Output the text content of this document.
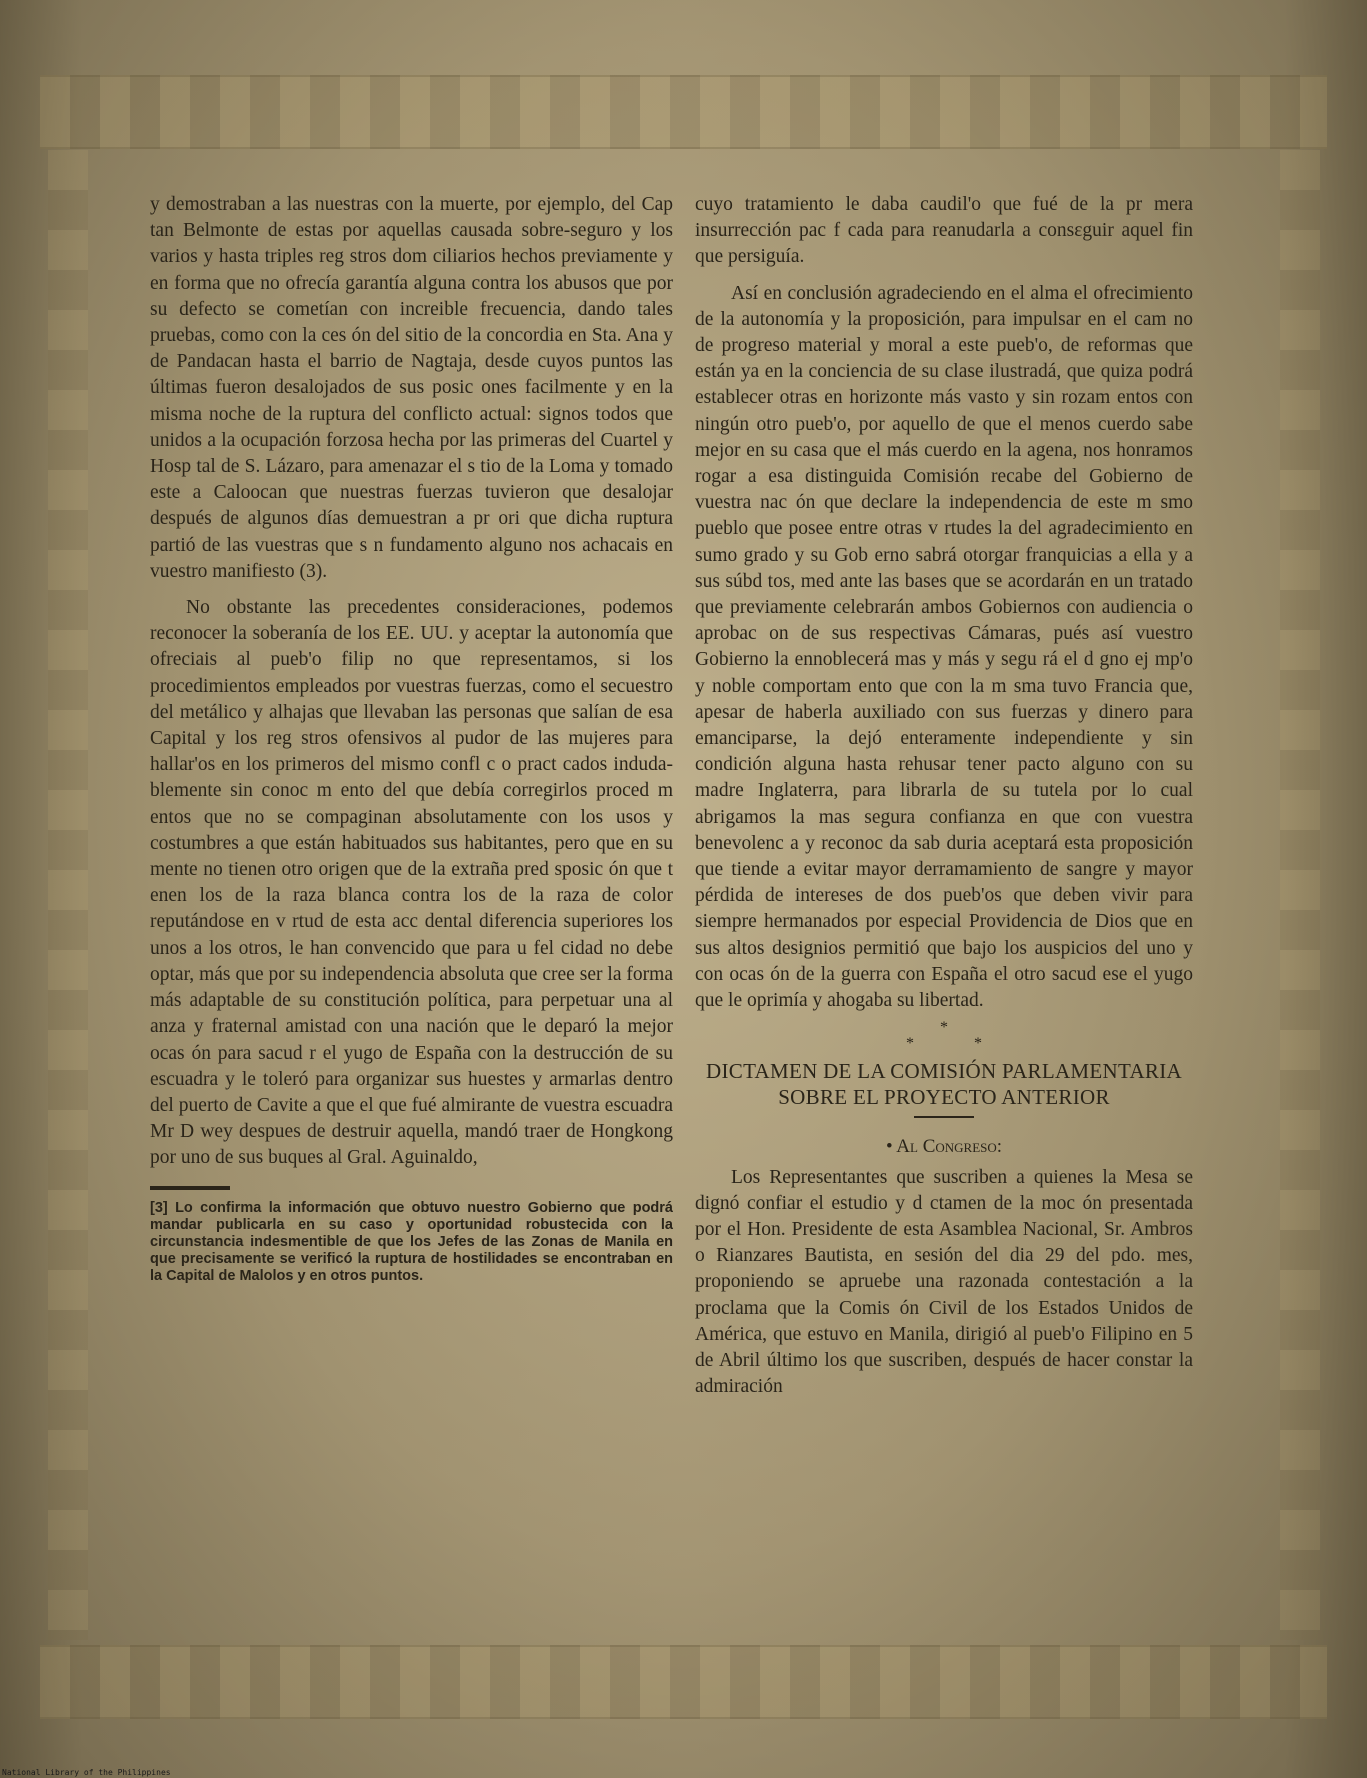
y demostraban a las nuestras con la muerte, por ejemplo, del Cap tan Belmonte de estas por aquellas causada sobre-seguro y los varios y hasta triples reg stros dom ciliarios hechos previamente y en forma que no ofrecía garantía alguna contra los abusos que por su defecto se cometían con increible frecuencia, dando tales pruebas, como con la ces ón del sitio de la concordia en Sta. Ana y de Pandacan hasta el barrio de Nagtaja, desde cuyos puntos las últimas fueron desalojados de sus posic ones facilmente y en la misma noche de la ruptura del conflicto actual: signos todos que unidos a la ocupación forzosa hecha por las primeras del Cuartel y Hosp tal de S. Lázaro, para amenazar el s tio de la Loma y tomado este a Caloocan que nuestras fuerzas tuvieron que desalojar después de algunos días demuestran a pr ori que dicha ruptura partió de las vuestras que s n fundamento alguno nos achacais en vuestro manifiesto (3).

No obstante las precedentes consideraciones, podemos reconocer la soberanía de los EE. UU. y aceptar la autonomía que ofreciais al pueb'o filip no que representamos, si los procedimientos empleados por vuestras fuerzas, como el secuestro del metálico y alhajas que llevaban las personas que salían de esa Capital y los reg stros ofensivos al pudor de las mujeres para hallar'os en los primeros del mismo confl c o pract cados induda-blemente sin conoc m ento del que debía corregirlos proced m entos que no se compaginan absolutamente con los usos y costumbres a que están habituados sus habitantes, pero que en su mente no tienen otro origen que de la extraña pred sposic ón que t enen los de la raza blanca contra los de la raza de color reputándose en v rtud de esta acc dental diferencia superiores los unos a los otros, le han convencido que para u fel cidad no debe optar, más que por su independencia absoluta que cree ser la forma más adaptable de su constitución política, para perpetuar una al anza y fraternal amistad con una nación que le deparó la mejor ocas ón para sacud r el yugo de España con la destrucción de su escuadra y le toleró para organizar sus huestes y armarlas dentro del puerto de Cavite a que el que fué almirante de vuestra escuadra Mr D wey despues de destruir aquella, mandó traer de Hongkong por uno de sus buques al Gral. Aguinaldo,

[3] Lo confirma la información que obtuvo nuestro Gobierno que podrá mandar publicarla en su caso y oportunidad robustecida con la circunstancia indesmentible de que los Jefes de las Zonas de Manila en que precisamente se verificó la ruptura de hostilidades se encontraban en la Capital de Malolos y en otros puntos.

cuyo tratamiento le daba caudil'o que fué de la pr mera insurrección pac f cada para reanudarla a consεguir aquel fin que persiguía.

Así en conclusión agradeciendo en el alma el ofrecimiento de la autonomía y la proposición, para impulsar en el cam no de progreso material y moral a este pueb'o, de reformas que están ya en la conciencia de su clase ilustradá, que quiza podrá establecer otras en horizonte más vasto y sin rozam entos con ningún otro pueb'o, por aquello de que el menos cuerdo sabe mejor en su casa que el más cuerdo en la agena, nos honramos rogar a esa distinguida Comisión recabe del Gobierno de vuestra nac ón que declare la independencia de este m smo pueblo que posee entre otras v rtudes la del agradecimiento en sumo grado y su Gob erno sabrá otorgar franquicias a ella y a sus súbd tos, med ante las bases que se acordarán en un tratado que previamente celebrarán ambos Gobiernos con audiencia o aprobac on de sus respectivas Cámaras, pués así vuestro Gobierno la ennoblecerá mas y más y segu rá el d gno ej mp'o y noble comportam ento que con la m sma tuvo Francia que, apesar de haberla auxiliado con sus fuerzas y dinero para emanciparse, la dejó enteramente independiente y sin condición alguna hasta rehusar tener pacto alguno con su madre Inglaterra, para librarla de su tutela por lo cual abrigamos la mas segura confianza en que con vuestra benevolenc a y reconoc da sab duria aceptará esta proposición que tiende a evitar mayor derramamiento de sangre y mayor pérdida de intereses de dos pueb'os que deben vivir para siempre hermanados por especial Providencia de Dios que en sus altos designios permitió que bajo los auspicios del uno y con ocas ón de la guerra con España el otro sacud ese el yugo que le oprimía y ahogaba su libertad.

*
* *
DICTAMEN DE LA COMISIÓN PARLAMENTARIA
SOBRE EL PROYECTO ANTERIOR
• Al Congreso:

Los Representantes que suscriben a quienes la Mesa se dignó confiar el estudio y d ctamen de la moc ón presentada por el Hon. Presidente de esta Asamblea Nacional, Sr. Ambros o Rianzares Bautista, en sesión del dia 29 del pdo. mes, proponiendo se apruebe una razonada contestación a la proclama que la Comis ón Civil de los Estados Unidos de América, que estuvo en Manila, dirigió al pueb'o Filipino en 5 de Abril último los que suscriben, después de hacer constar la admiración

National Library of the Philippines
